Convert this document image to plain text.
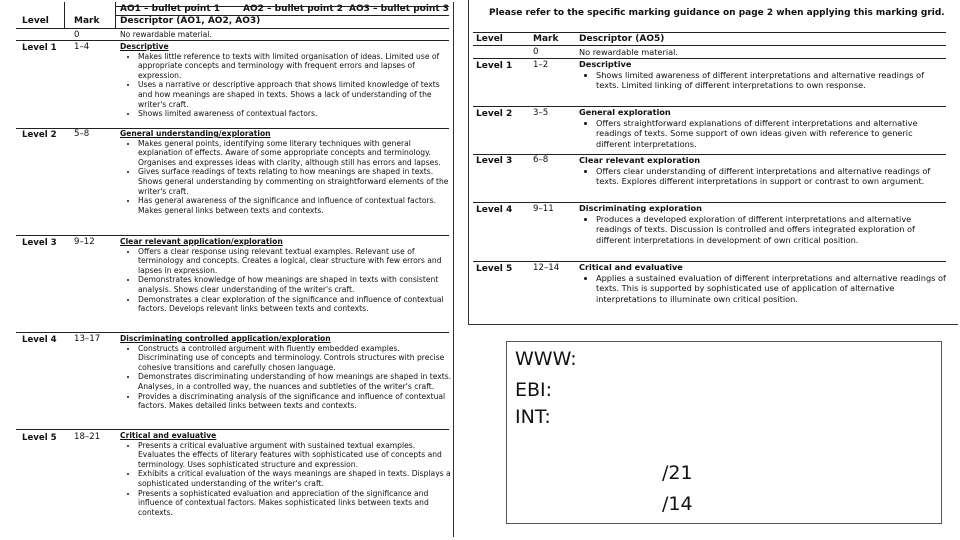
AO1 – bullet point 1	AO2 – bullet point 2 AO3 – bullet point 3
Level	Mark Descriptor (AO1, AO2, AO3)
0	No rewardable material.
Level 1 1–4	Descriptive
• Makes little reference to texts with limited organisation of ideas. Limited use of appropriate concepts and terminology with frequent errors and lapses of expression.
• Uses a narrative or descriptive approach that shows limited knowledge of texts and how meanings are shaped in texts. Shows a lack of understanding of the writer's craft.
• Shows limited awareness of contextual factors.
Level 2 5–8	General understanding/exploration
• Makes general points, identifying some literary techniques with general explanation of effects. Aware of some appropriate concepts and terminology. Organises and expresses ideas with clarity, although still has errors and lapses.
• Gives surface readings of texts relating to how meanings are shaped in texts. Shows general understanding by commenting on straightforward elements of the writer's craft.
• Has general awareness of the significance and influence of contextual factors. Makes general links between texts and contexts.
Level 3 9–12	Clear relevant application/exploration
• Offers a clear response using relevant textual examples. Relevant use of terminology and concepts. Creates a logical, clear structure with few errors and lapses in expression.
• Demonstrates knowledge of how meanings are shaped in texts with consistent analysis. Shows clear understanding of the writer's craft.
• Demonstrates a clear exploration of the significance and influence of contextual factors. Develops relevant links between texts and contexts.
Level 4 13–17	Discriminating controlled application/exploration
• Constructs a controlled argument with fluently embedded examples. Discriminating use of concepts and terminology. Controls structures with precise cohesive transitions and carefully chosen language.
• Demonstrates discriminating understanding of how meanings are shaped in texts. Analyses, in a controlled way, the nuances and subtleties of the writer's craft.
• Provides a discriminating analysis of the significance and influence of contextual factors. Makes detailed links between texts and contexts.
Level 5 18–21	Critical and evaluative
• Presents a critical evaluative argument with sustained textual examples. Evaluates the effects of literary features with sophisticated use of concepts and terminology. Uses sophisticated structure and expression.
• Exhibits a critical evaluation of the ways meanings are shaped in texts. Displays a sophisticated understanding of the writer's craft.
• Presents a sophisticated evaluation and appreciation of the significance and influence of contextual factors. Makes sophisticated links between texts and contexts.
Please refer to the specific marking guidance on page 2 when applying this marking grid.
Level	Mark Descriptor (AO5)
0	No rewardable material.
Level 1 1–2	Descriptive
• Shows limited awareness of different interpretations and alternative readings of texts. Limited linking of different interpretations to own response.
Level 2 3–5	General exploration
• Offers straightforward explanations of different interpretations and alternative readings of texts. Some support of own ideas given with reference to generic different interpretations.
Level 3 6–8	Clear relevant exploration
• Offers clear understanding of different interpretations and alternative readings of texts. Explores different interpretations in support or contrast to own argument.
Level 4 9–11	Discriminating exploration
• Produces a developed exploration of different interpretations and alternative readings of texts. Discussion is controlled and offers integrated exploration of different interpretations in development of own critical position.
Level 5 12–14 Critical and evaluative
• Applies a sustained evaluation of different interpretations and alternative readings of texts. This is supported by sophisticated use of application of alternative interpretations to illuminate own critical position.
WWW:
EBI:
INT:
/21
/14
